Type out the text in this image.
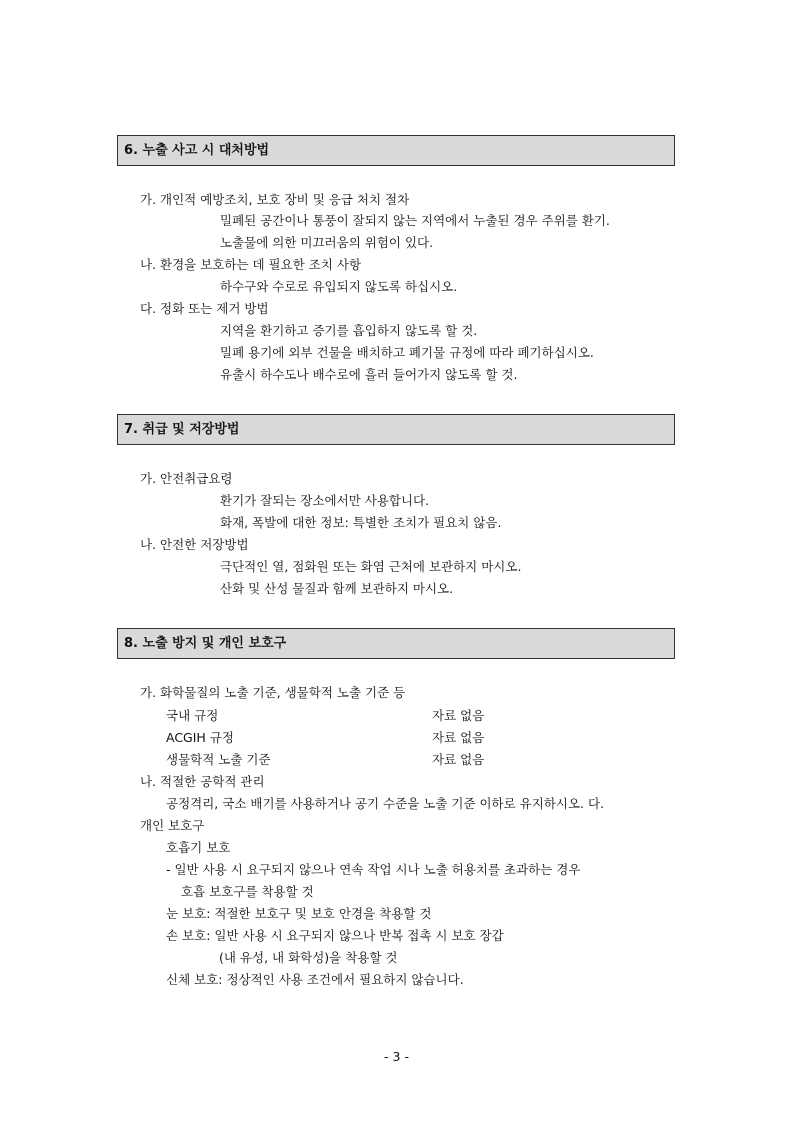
6. 누출 사고 시 대처방법
가. 개인적 예방조치, 보호 장비 및 응급 처치 절차
밀폐된 공간이나 통풍이 잘되지 않는 지역에서 누출된 경우 주위를 환기.
노출물에 의한 미끄러움의 위험이 있다.
나. 환경을 보호하는 데 필요한 조치 사항
하수구와 수로로 유입되지 않도록 하십시오.
다. 정화 또는 제거 방법
지역을 환기하고 증기를 흡입하지 않도록 할 것.
밀폐 용기에 외부 건물을 배치하고 폐기물 규정에 따라 폐기하십시오.
유출시 하수도나 배수로에 흘러 들어가지 않도록 할 것.
7. 취급 및 저장방법
가. 안전취급요령
환기가 잘되는 장소에서만 사용합니다.
화재, 폭발에 대한 정보: 특별한 조치가 필요치 않음.
나. 안전한 저장방법
극단적인 열, 점화원 또는 화염 근처에 보관하지 마시오.
산화 및 산성 물질과 함께 보관하지 마시오.
8. 노출 방지 및 개인 보호구
가. 화학물질의 노출 기준, 생물학적 노출 기준 등
국내 규정	자료 없음
ACGIH 규정	자료 없음
생물학적 노출 기준	자료 없음
나. 적절한 공학적 관리
공정격리, 국소 배기를 사용하거나 공기 수준을 노출 기준 이하로 유지하시오. 다.
개인 보호구
호흡기 보호
- 일반 사용 시 요구되지 않으나 연속 작업 시나 노출 허용치를 초과하는 경우
호흡 보호구를 착용할 것
눈 보호: 적절한 보호구 및 보호 안경을 착용할 것
손 보호: 일반 사용 시 요구되지 않으나 반복 접촉 시 보호 장갑
(내 유성, 내 화학성)을 착용할 것
신체 보호: 정상적인 사용 조건에서 필요하지 않습니다.
- 3 -
